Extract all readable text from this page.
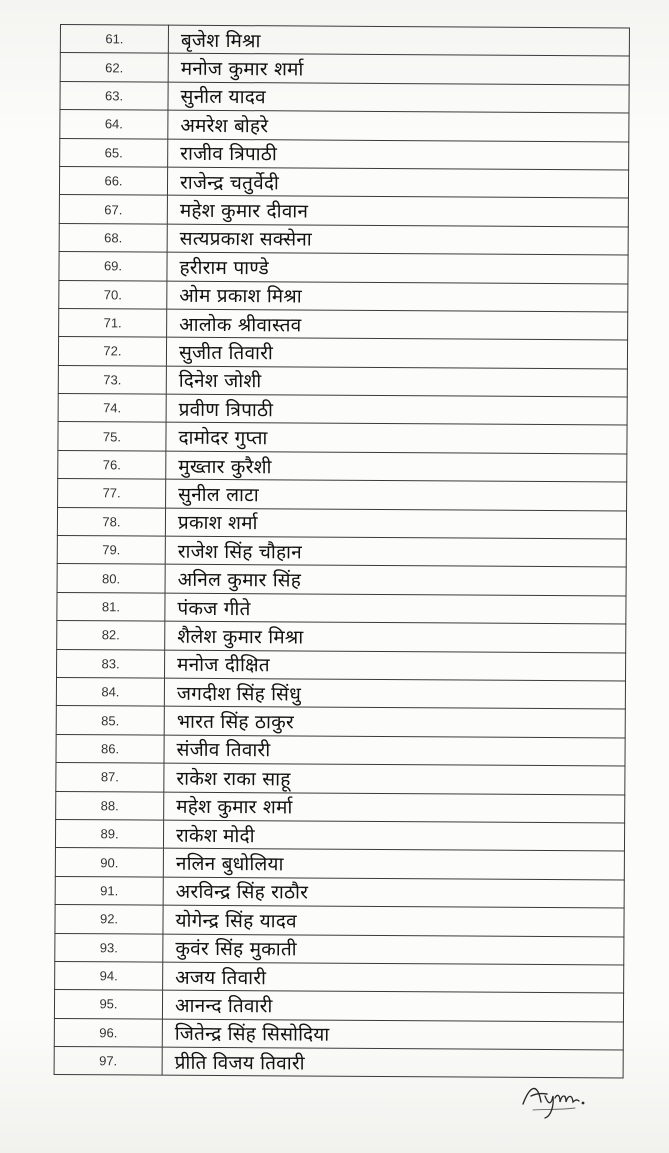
61.	बृजेश मिश्रा
62.	मनोज कुमार शर्मा
63.	सुनील यादव
64.	अमरेश बोहरे
65.	राजीव त्रिपाठी
66.	राजेन्द्र चतुर्वेदी
67.	महेश कुमार दीवान
68.	सत्यप्रकाश सक्सेना
69.	हरीराम पाण्डे
70.	ओम प्रकाश मिश्रा
71.	आलोक श्रीवास्तव
72.	सुजीत तिवारी
73.	दिनेश जोशी
74.	प्रवीण त्रिपाठी
75.	दामोदर गुप्ता
76.	मुख्तार कुरैशी
77.	सुनील लाटा
78.	प्रकाश शर्मा
79.	राजेश सिंह चौहान
80.	अनिल कुमार सिंह
81.	पंकज गीते
82.	शैलेश कुमार मिश्रा
83.	मनोज दीक्षित
84.	जगदीश सिंह सिंधु
85.	भारत सिंह ठाकुर
86.	संजीव तिवारी
87.	राकेश राका साहू
88.	महेश कुमार शर्मा
89.	राकेश मोदी
90.	नलिन बुधोलिया
91.	अरविन्द्र सिंह राठौर
92.	योगेन्द्र सिंह यादव
93.	कुवंर सिंह मुकाती
94.	अजय तिवारी
95.	आनन्द तिवारी
96.	जितेन्द्र सिंह सिसोदिया
97.	प्रीति विजय तिवारी
